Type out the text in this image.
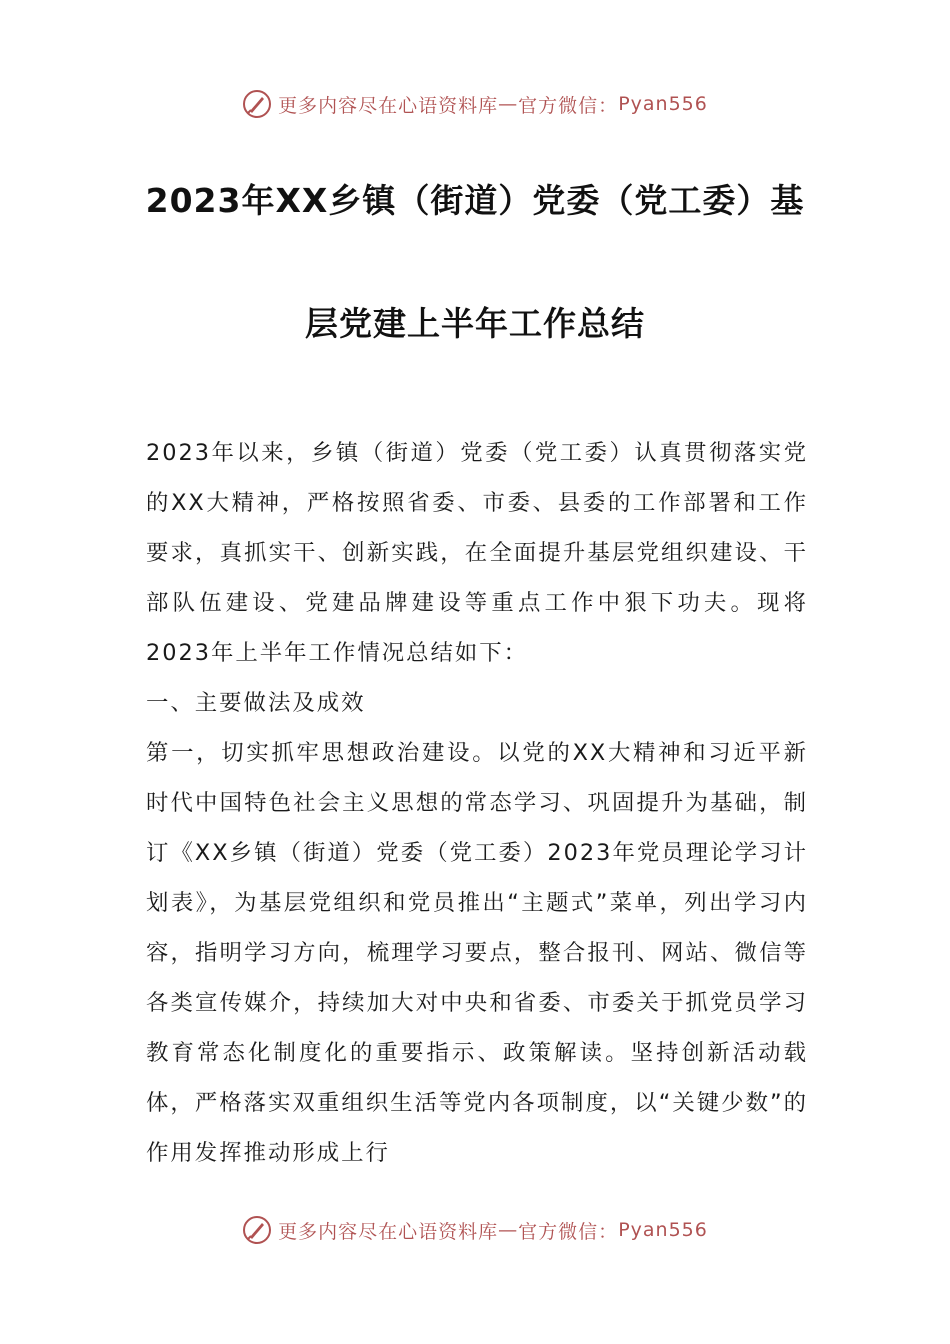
更多内容尽在心语资料库 — 官方微信： Pyan556
2023年XX乡镇（街道）党委（党工委）基
层党建上半年工作总结

2023年以来，乡镇（街道）党委（党工委）认真贯彻落实党的XX大精神，严格按照省委、市委、县委的工作部署和工作要求，真抓实干、创新实践，在全面提升基层党组织建设、干部队伍建设、党建品牌建设等重点工作中狠下功夫。现将2023年上半年工作情况总结如下：

一、主要做法及成效

第一，切实抓牢思想政治建设。以党的XX大精神和习近平新时代中国特色社会主义思想的常态学习、巩固提升为基础，制订《XX乡镇（街道）党委（党工委）2023年党员理论学习计划表》，为基层党组织和党员推出“主题式”菜单，列出学习内容，指明学习方向，梳理学习要点，整合报刊、网站、微信等各类宣传媒介，持续加大对中央和省委、市委关于抓党员学习教育常态化制度化的重要指示、政策解读。坚持创新活动载体，严格落实双重组织生活等党内各项制度，以“关键少数”的作用发挥推动形成上行

更多内容尽在心语资料库 — 官方微信： Pyan556
